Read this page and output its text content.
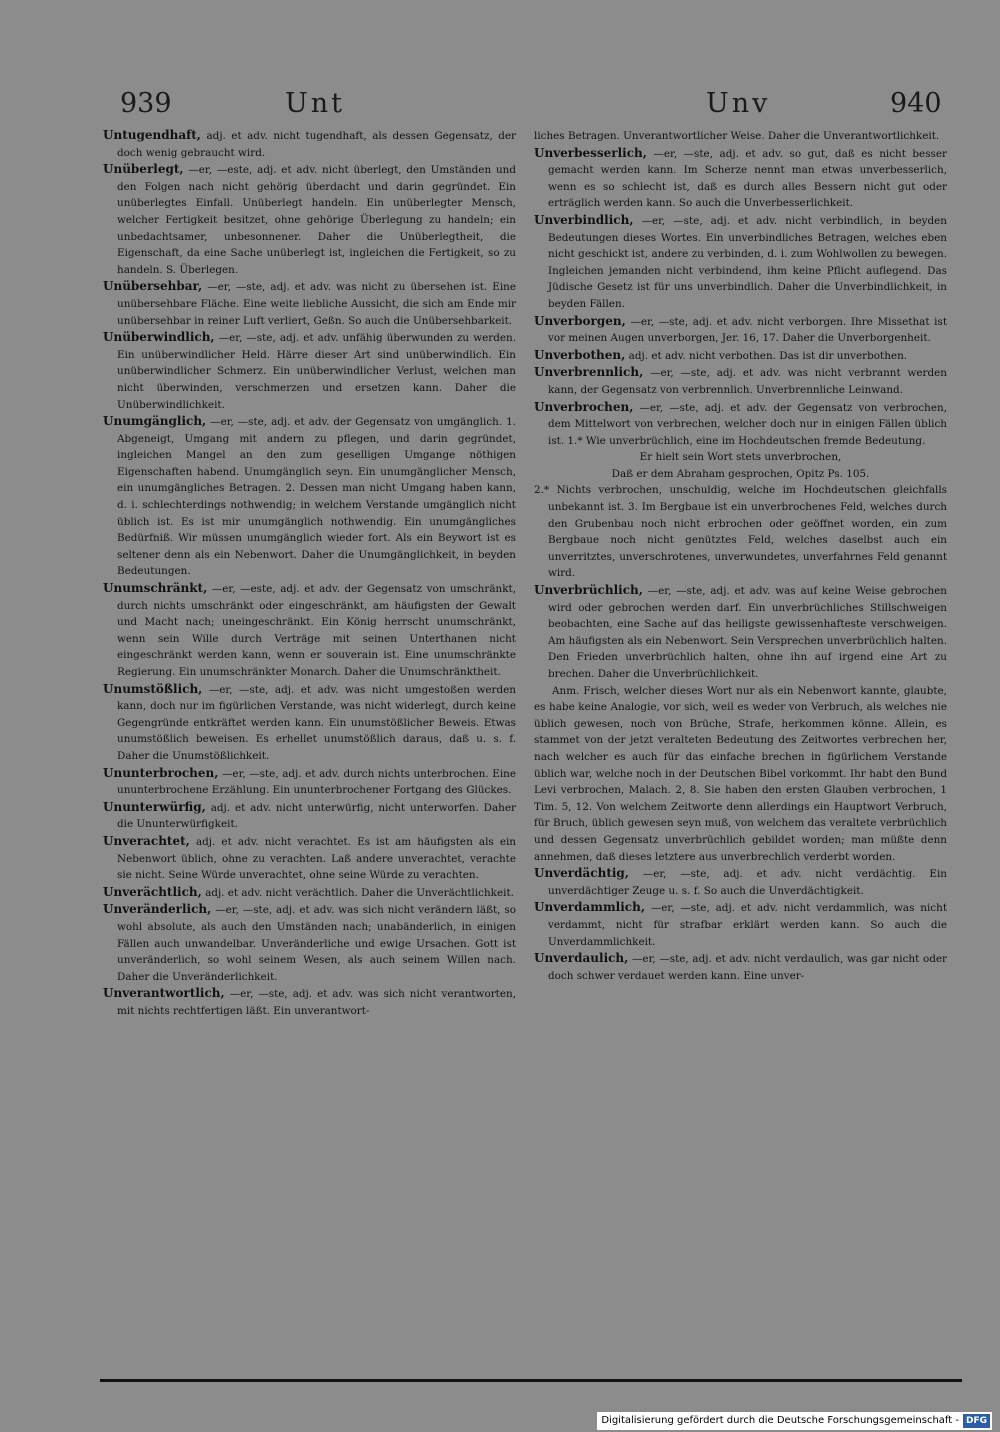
939	Unt	Unv	940

Untugendhaft, adj. et adv. nicht tugendhaft, als dessen Gegensatz, der doch wenig gebraucht wird.

Unüberlegt, —er, —este, adj. et adv. nicht überlegt, den Umständen und den Folgen nach nicht gehörig überdacht und darin gegründet. Ein unüberlegtes Einfall. Unüberlegt handeln. Ein unüberlegter Mensch, welcher Fertigkeit besitzet, ohne gehörige Überlegung zu handeln; ein unbedachtsamer, unbesonnener. Daher die Unüberlegtheit, die Eigenschaft, da eine Sache unüberlegt ist, ingleichen die Fertigkeit, so zu handeln. S. Überlegen.

Unübersehbar, —er, —ste, adj. et adv. was nicht zu übersehen ist. Eine unübersehbare Fläche. Eine weite liebliche Aussicht, die sich am Ende mir unübersehbar in reiner Luft verliert, Geßn. So auch die Unübersehbarkeit.

Unüberwindlich, —er, —ste, adj. et adv. unfähig überwunden zu werden. Ein unüberwindlicher Held. Härre dieser Art sind unüberwindlich. Ein unüberwindlicher Schmerz. Ein unüberwindlicher Verlust, welchen man nicht überwinden, verschmerzen und ersetzen kann. Daher die Unüberwindlichkeit.

Unumgänglich, —er, —ste, adj. et adv. der Gegensatz von umgänglich. 1. Abgeneigt, Umgang mit andern zu pflegen, und darin gegründet, ingleichen Mangel an den zum geselligen Umgange nöthigen Eigenschaften habend. Unumgänglich seyn. Ein unumgänglicher Mensch, ein unumgängliches Betragen. 2. Dessen man nicht Umgang haben kann, d. i. schlechterdings nothwendig; in welchem Verstande umgänglich nicht üblich ist. Es ist mir unumgänglich nothwendig. Ein unumgängliches Bedürfniß. Wir müssen unumgänglich wieder fort. Als ein Beywort ist es seltener denn als ein Nebenwort. Daher die Unumgänglichkeit, in beyden Bedeutungen.

Unumschränkt, —er, —este, adj. et adv. der Gegensatz von umschränkt, durch nichts umschränkt oder eingeschränkt, am häufigsten der Gewalt und Macht nach; uneingeschränkt. Ein König herrscht unumschränkt, wenn sein Wille durch Verträge mit seinen Unterthanen nicht eingeschränkt werden kann, wenn er souverain ist. Eine unumschränkte Regierung. Ein unumschränkter Monarch. Daher die Unumschränktheit.

Unumstößlich, —er, —ste, adj. et adv. was nicht umgestoßen werden kann, doch nur im figürlichen Verstande, was nicht widerlegt, durch keine Gegengründe entkräftet werden kann. Ein unumstößlicher Beweis. Etwas unumstößlich beweisen. Es erhellet unumstößlich daraus, daß u. s. f. Daher die Unumstößlichkeit.

Ununterbrochen, —er, —ste, adj. et adv. durch nichts unterbrochen. Eine ununterbrochene Erzählung. Ein ununterbrochener Fortgang des Glückes.

Ununterwürfig, adj. et adv. nicht unterwürfig, nicht unterworfen. Daher die Ununterwürfigkeit.

Unverachtet, adj. et adv. nicht verachtet. Es ist am häufigsten als ein Nebenwort üblich, ohne zu verachten. Laß andere unverachtet, verachte sie nicht. Seine Würde unverachtet, ohne seine Würde zu verachten.

Unverächtlich, adj. et adv. nicht verächtlich. Daher die Unverächtlichkeit.

Unveränderlich, —er, —ste, adj. et adv. was sich nicht verändern läßt, so wohl absolute, als auch den Umständen nach; unabänderlich, in einigen Fällen auch unwandelbar. Unveränderliche und ewige Ursachen. Gott ist unveränderlich, so wohl seinem Wesen, als auch seinem Willen nach. Daher die Unveränderlichkeit.

Unverantwortlich, —er, —ste, adj. et adv. was sich nicht verantworten, mit nichts rechtfertigen läßt. Ein unverantwort-

liches Betragen. Unverantwortlicher Weise. Daher die Unverantwortlichkeit.

Unverbesserlich, —er, —ste, adj. et adv. so gut, daß es nicht besser gemacht werden kann. Im Scherze nennt man etwas unverbesserlich, wenn es so schlecht ist, daß es durch alles Bessern nicht gut oder erträglich werden kann. So auch die Unverbesserlichkeit.

Unverbindlich, —er, —ste, adj. et adv. nicht verbindlich, in beyden Bedeutungen dieses Wortes. Ein unverbindliches Betragen, welches eben nicht geschickt ist, andere zu verbinden, d. i. zum Wohlwollen zu bewegen. Ingleichen jemanden nicht verbindend, ihm keine Pflicht auflegend. Das Jüdische Gesetz ist für uns unverbindlich. Daher die Unverbindlichkeit, in beyden Fällen.

Unverborgen, —er, —ste, adj. et adv. nicht verborgen. Ihre Missethat ist vor meinen Augen unverborgen, Jer. 16, 17. Daher die Unverborgenheit.

Unverbothen, adj. et adv. nicht verbothen. Das ist dir unverbothen.

Unverbrennlich, —er, —ste, adj. et adv. was nicht verbrannt werden kann, der Gegensatz von verbrennlich. Unverbrennliche Leinwand.

Unverbrochen, —er, —ste, adj. et adv. der Gegensatz von verbrochen, dem Mittelwort von verbrechen, welcher doch nur in einigen Fällen üblich ist. 1.* Wie unverbrüchlich, eine im Hochdeutschen fremde Bedeutung.

Er hielt sein Wort stets unverbrochen,

Daß er dem Abraham gesprochen, Opitz Ps. 105.

2.* Nichts verbrochen, unschuldig, welche im Hochdeutschen gleichfalls unbekannt ist. 3. Im Bergbaue ist ein unverbrochenes Feld, welches durch den Grubenbau noch nicht erbrochen oder geöffnet worden, ein zum Bergbaue noch nicht genütztes Feld, welches daselbst auch ein unverritztes, unverschrotenes, unverwundetes, unverfahrnes Feld genannt wird.

Unverbrüchlich, —er, —ste, adj. et adv. was auf keine Weise gebrochen wird oder gebrochen werden darf. Ein unverbrüchliches Stillschweigen beobachten, eine Sache auf das heiligste gewissenhafteste verschweigen. Am häufigsten als ein Nebenwort. Sein Versprechen unverbrüchlich halten. Den Frieden unverbrüchlich halten, ohne ihn auf irgend eine Art zu brechen. Daher die Unverbrüchlichkeit.

Anm. Frisch, welcher dieses Wort nur als ein Nebenwort kannte, glaubte, es habe keine Analogie, vor sich, weil es weder von Verbruch, als welches nie üblich gewesen, noch von Brüche, Strafe, herkommen könne. Allein, es stammet von der jetzt veralteten Bedeutung des Zeitwortes verbrechen her, nach welcher es auch für das einfache brechen in figürlichem Verstande üblich war, welche noch in der Deutschen Bibel vorkommt. Ihr habt den Bund Levi verbrochen, Malach. 2, 8. Sie haben den ersten Glauben verbrochen, 1 Tim. 5, 12. Von welchem Zeitworte denn allerdings ein Hauptwort Verbruch, für Bruch, üblich gewesen seyn muß, von welchem das veraltete verbrüchlich und dessen Gegensatz unverbrüchlich gebildet worden; man müßte denn annehmen, daß dieses letztere aus unverbrechlich verderbt worden.

Unverdächtig, —er, —ste, adj. et adv. nicht verdächtig. Ein unverdächtiger Zeuge u. s. f. So auch die Unverdächtigkeit.

Unverdammlich, —er, —ste, adj. et adv. nicht verdammlich, was nicht verdammt, nicht für strafbar erklärt werden kann. So auch die Unverdammlichkeit.

Unverdaulich, —er, —ste, adj. et adv. nicht verdaulich, was gar nicht oder doch schwer verdauet werden kann. Eine unver-

Digitalisierung gefördert durch die Deutsche Forschungsgemeinschaft - DFG
